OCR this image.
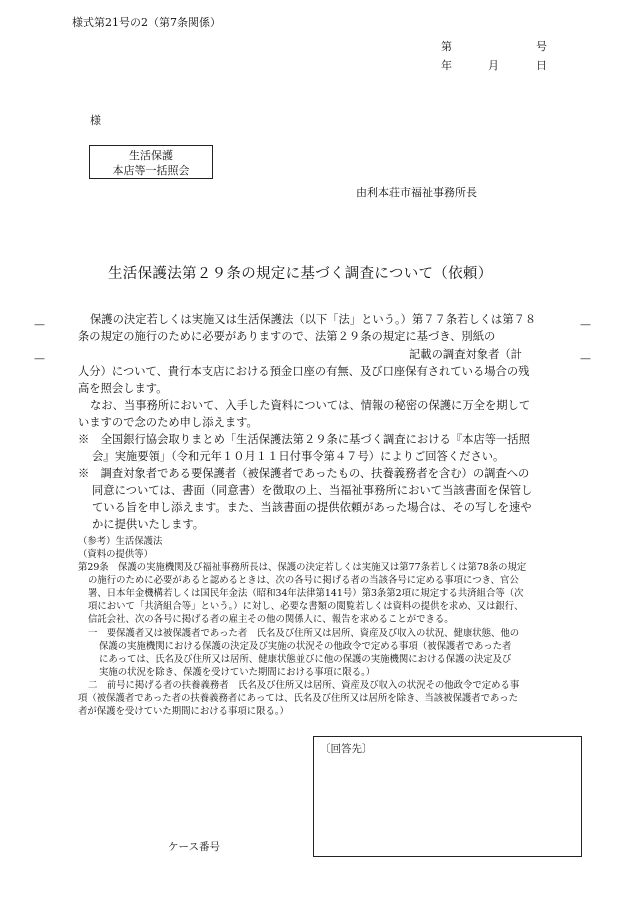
様式第21号の2（第7条関係）
第	号
年	月	日
様
生活保護
本店等一括照会
由利本荘市福祉事務所長
生活保護法第２９条の規定に基づく調査について（依頼）
—
—
—
—
保護の決定若しくは実施又は生活保護法（以下「法」という。）第７７条若しくは第７８
条の規定の施行のために必要がありますので、法第２９条の規定に基づき、別紙の
記載の調査対象者（計
人分）について、貴行本支店における預金口座の有無、及び口座保有されている場合の残
高を照会します。
なお、当事務所において、入手した資料については、情報の秘密の保護に万全を期して
いますので念のため申し添えます。
※　全国銀行協会取りまとめ「生活保護法第２９条に基づく調査における『本店等一括照
会』実施要領」（令和元年１０月１１日付事令第４７号）によりご回答ください。
※　調査対象者である要保護者（被保護者であったもの、扶養義務者を含む）の調査への
同意については、書面（同意書）を徴取の上、当福祉事務所において当該書面を保管し
ている旨を申し添えます。また、当該書面の提供依頼があった場合は、その写しを速や
かに提供いたします。
（参考）生活保護法
（資料の提供等）
第29条　保護の実施機関及び福祉事務所長は、保護の決定若しくは実施又は第77条若しくは第78条の規定
の施行のために必要があると認めるときは、次の各号に掲げる者の当該各号に定める事項につき、官公
署、日本年金機構若しくは国民年金法（昭和34年法律第141号）第3条第2項に規定する共済組合等（次
項において「共済組合等」という。）に対し、必要な書類の閲覧若しくは資料の提供を求め、又は銀行、
信託会社、次の各号に掲げる者の雇主その他の関係人に、報告を求めることができる。
一　要保護者又は被保護者であった者　氏名及び住所又は居所、資産及び収入の状況、健康状態、他の
保護の実施機関における保護の決定及び実施の状況その他政令で定める事項（被保護者であった者
にあっては、氏名及び住所又は居所、健康状態並びに他の保護の実施機関における保護の決定及び
実施の状況を除き、保護を受けていた期間における事項に限る。）
二　前号に掲げる者の扶養義務者　氏名及び住所又は居所、資産及び収入の状況その他政令で定める事
項（被保護者であった者の扶養義務者にあっては、氏名及び住所又は居所を除き、当該被保護者であった
者が保護を受けていた期間における事項に限る。）
〔回答先〕
ケース番号
